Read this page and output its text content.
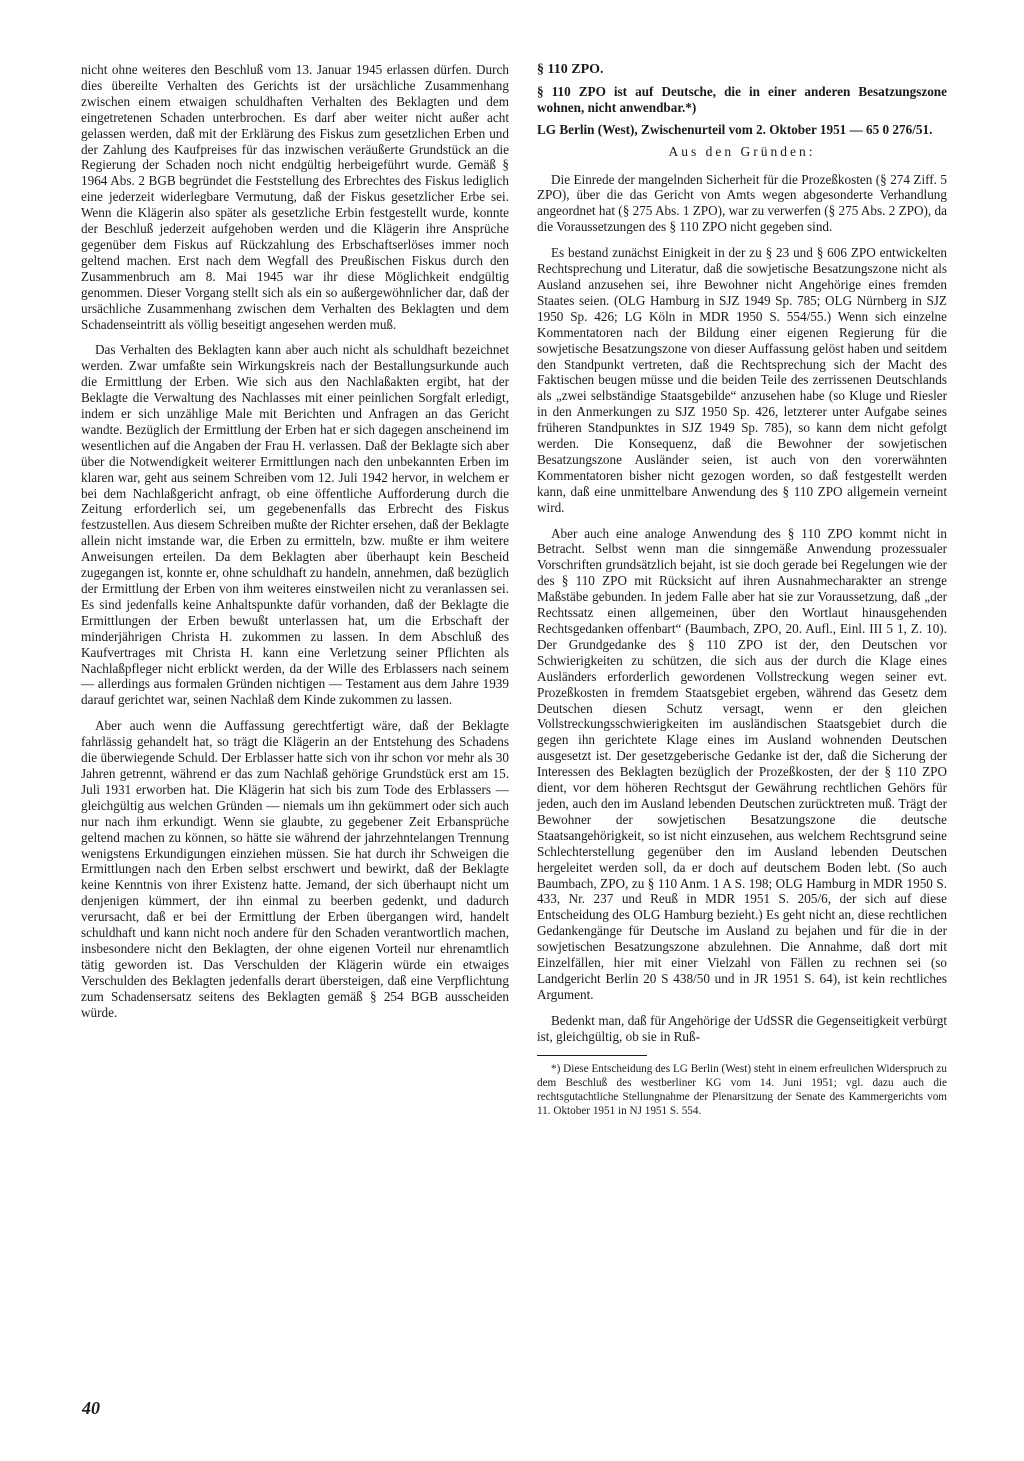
nicht ohne weiteres den Beschluß vom 13. Januar 1945 erlassen dürfen. Durch dies übereilte Verhalten des Gerichts ist der ursächliche Zusammenhang zwischen einem etwaigen schuldhaften Verhalten des Beklagten und dem eingetretenen Schaden unterbrochen. Es darf aber weiter nicht außer acht gelassen werden, daß mit der Erklärung des Fiskus zum gesetzlichen Erben und der Zahlung des Kaufpreises für das inzwischen veräußerte Grundstück an die Regierung der Schaden noch nicht endgültig herbeigeführt wurde. Gemäß § 1964 Abs. 2 BGB begründet die Feststellung des Erbrechtes des Fiskus lediglich eine jederzeit widerlegbare Vermutung, daß der Fiskus gesetzlicher Erbe sei. Wenn die Klägerin also später als gesetzliche Erbin festgestellt wurde, konnte der Beschluß jederzeit aufgehoben werden und die Klägerin ihre Ansprüche gegenüber dem Fiskus auf Rückzahlung des Erbschaftserlöses immer noch geltend machen. Erst nach dem Wegfall des Preußischen Fiskus durch den Zusammenbruch am 8. Mai 1945 war ihr diese Möglichkeit endgültig genommen. Dieser Vorgang stellt sich als ein so außergewöhnlicher dar, daß der ursächliche Zusammenhang zwischen dem Verhalten des Beklagten und dem Schadenseintritt als völlig beseitigt angesehen werden muß.

Das Verhalten des Beklagten kann aber auch nicht als schuldhaft bezeichnet werden. Zwar umfaßte sein Wirkungskreis nach der Bestallungsurkunde auch die Ermittlung der Erben. Wie sich aus den Nachlaßakten ergibt, hat der Beklagte die Verwaltung des Nachlasses mit einer peinlichen Sorgfalt erledigt, indem er sich unzählige Male mit Berichten und Anfragen an das Gericht wandte. Bezüglich der Ermittlung der Erben hat er sich dagegen anscheinend im wesentlichen auf die Angaben der Frau H. verlassen. Daß der Beklagte sich aber über die Notwendigkeit weiterer Ermittlungen nach den unbekannten Erben im klaren war, geht aus seinem Schreiben vom 12. Juli 1942 hervor, in welchem er bei dem Nachlaßgericht anfragt, ob eine öffentliche Aufforderung durch die Zeitung erforderlich sei, um gegebenenfalls das Erbrecht des Fiskus festzustellen. Aus diesem Schreiben mußte der Richter ersehen, daß der Beklagte allein nicht imstande war, die Erben zu ermitteln, bzw. mußte er ihm weitere Anweisungen erteilen. Da dem Beklagten aber überhaupt kein Bescheid zugegangen ist, konnte er, ohne schuldhaft zu handeln, annehmen, daß bezüglich der Ermittlung der Erben von ihm weiteres einstweilen nicht zu veranlassen sei. Es sind jedenfalls keine Anhaltspunkte dafür vorhanden, daß der Beklagte die Ermittlungen der Erben bewußt unterlassen hat, um die Erbschaft der minderjährigen Christa H. zukommen zu lassen. In dem Abschluß des Kaufvertrages mit Christa H. kann eine Verletzung seiner Pflichten als Nachlaßpfleger nicht erblickt werden, da der Wille des Erblassers nach seinem — allerdings aus formalen Gründen nichtigen — Testament aus dem Jahre 1939 darauf gerichtet war, seinen Nachlaß dem Kinde zukommen zu lassen.

Aber auch wenn die Auffassung gerechtfertigt wäre, daß der Beklagte fahrlässig gehandelt hat, so trägt die Klägerin an der Entstehung des Schadens die überwiegende Schuld. Der Erblasser hatte sich von ihr schon vor mehr als 30 Jahren getrennt, während er das zum Nachlaß gehörige Grundstück erst am 15. Juli 1931 erworben hat. Die Klägerin hat sich bis zum Tode des Erblassers — gleichgültig aus welchen Gründen — niemals um ihn gekümmert oder sich auch nur nach ihm erkundigt. Wenn sie glaubte, zu gegebener Zeit Erbansprüche geltend machen zu können, so hätte sie während der jahrzehntelangen Trennung wenigstens Erkundigungen einziehen müssen. Sie hat durch ihr Schweigen die Ermittlungen nach den Erben selbst erschwert und bewirkt, daß der Beklagte keine Kenntnis von ihrer Existenz hatte. Jemand, der sich überhaupt nicht um denjenigen kümmert, der ihn einmal zu beerben gedenkt, und dadurch verursacht, daß er bei der Ermittlung der Erben übergangen wird, handelt schuldhaft und kann nicht noch andere für den Schaden verantwortlich machen, insbesondere nicht den Beklagten, der ohne eigenen Vorteil nur ehrenamtlich tätig geworden ist. Das Verschulden der Klägerin würde ein etwaiges Verschulden des Beklagten jedenfalls derart übersteigen, daß eine Verpflichtung zum Schadensersatz seitens des Beklagten gemäß § 254 BGB ausscheiden würde.

§ 110 ZPO.
§ 110 ZPO ist auf Deutsche, die in einer anderen Besatzungszone wohnen, nicht anwendbar.*)
LG Berlin (West), Zwischenurteil vom 2. Oktober 1951 — 65 0 276/51.
Aus den Gründen:

Die Einrede der mangelnden Sicherheit für die Prozeßkosten (§ 274 Ziff. 5 ZPO), über die das Gericht von Amts wegen abgesonderte Verhandlung angeordnet hat (§ 275 Abs. 1 ZPO), war zu verwerfen (§ 275 Abs. 2 ZPO), da die Voraussetzungen des § 110 ZPO nicht gegeben sind.

Es bestand zunächst Einigkeit in der zu § 23 und § 606 ZPO entwickelten Rechtsprechung und Literatur, daß die sowjetische Besatzungszone nicht als Ausland anzusehen sei, ihre Bewohner nicht Angehörige eines fremden Staates seien. (OLG Hamburg in SJZ 1949 Sp. 785; OLG Nürnberg in SJZ 1950 Sp. 426; LG Köln in MDR 1950 S. 554/55.) Wenn sich einzelne Kommentatoren nach der Bildung einer eigenen Regierung für die sowjetische Besatzungszone von dieser Auffassung gelöst haben und seitdem den Standpunkt vertreten, daß die Rechtsprechung sich der Macht des Faktischen beugen müsse und die beiden Teile des zerrissenen Deutschlands als „zwei selbständige Staatsgebilde“ anzusehen habe (so Kluge und Riesler in den Anmerkungen zu SJZ 1950 Sp. 426, letzterer unter Aufgabe seines früheren Standpunktes in SJZ 1949 Sp. 785), so kann dem nicht gefolgt werden. Die Konsequenz, daß die Bewohner der sowjetischen Besatzungszone Ausländer seien, ist auch von den vorerwähnten Kommentatoren bisher nicht gezogen worden, so daß festgestellt werden kann, daß eine unmittelbare Anwendung des § 110 ZPO allgemein verneint wird.

Aber auch eine analoge Anwendung des § 110 ZPO kommt nicht in Betracht. Selbst wenn man die sinngemäße Anwendung prozessualer Vorschriften grundsätzlich bejaht, ist sie doch gerade bei Regelungen wie der des § 110 ZPO mit Rücksicht auf ihren Ausnahmecharakter an strenge Maßstäbe gebunden. In jedem Falle aber hat sie zur Voraussetzung, daß „der Rechtssatz einen allgemeinen, über den Wortlaut hinausgehenden Rechtsgedanken offenbart“ (Baumbach, ZPO, 20. Aufl., Einl. III 5 1, Z. 10). Der Grundgedanke des § 110 ZPO ist der, den Deutschen vor Schwierigkeiten zu schützen, die sich aus der durch die Klage eines Ausländers erforderlich gewordenen Vollstreckung wegen seiner evt. Prozeßkosten in fremdem Staatsgebiet ergeben, während das Gesetz dem Deutschen diesen Schutz versagt, wenn er den gleichen Vollstreckungsschwierigkeiten im ausländischen Staatsgebiet durch die gegen ihn gerichtete Klage eines im Ausland wohnenden Deutschen ausgesetzt ist. Der gesetzgeberische Gedanke ist der, daß die Sicherung der Interessen des Beklagten bezüglich der Prozeßkosten, der der § 110 ZPO dient, vor dem höheren Rechtsgut der Gewährung rechtlichen Gehörs für jeden, auch den im Ausland lebenden Deutschen zurücktreten muß. Trägt der Bewohner der sowjetischen Besatzungszone die deutsche Staatsangehörigkeit, so ist nicht einzusehen, aus welchem Rechtsgrund seine Schlechterstellung gegenüber den im Ausland lebenden Deutschen hergeleitet werden soll, da er doch auf deutschem Boden lebt. (So auch Baumbach, ZPO, zu § 110 Anm. 1 A S. 198; OLG Hamburg in MDR 1950 S. 433, Nr. 237 und Reuß in MDR 1951 S. 205/6, der sich auf diese Entscheidung des OLG Hamburg bezieht.) Es geht nicht an, diese rechtlichen Gedankengänge für Deutsche im Ausland zu bejahen und für die in der sowjetischen Besatzungszone abzulehnen. Die Annahme, daß dort mit Einzelfällen, hier mit einer Vielzahl von Fällen zu rechnen sei (so Landgericht Berlin 20 S 438/50 und in JR 1951 S. 64), ist kein rechtliches Argument.

Bedenkt man, daß für Angehörige der UdSSR die Gegenseitigkeit verbürgt ist, gleichgültig, ob sie in Ruß-

*) Diese Entscheidung des LG Berlin (West) steht in einem erfreulichen Widerspruch zu dem Beschluß des westberliner KG vom 14. Juni 1951; vgl. dazu auch die rechtsgutachtliche Stellungnahme der Plenarsitzung der Senate des Kammergerichts vom 11. Oktober 1951 in NJ 1951 S. 554.

40
